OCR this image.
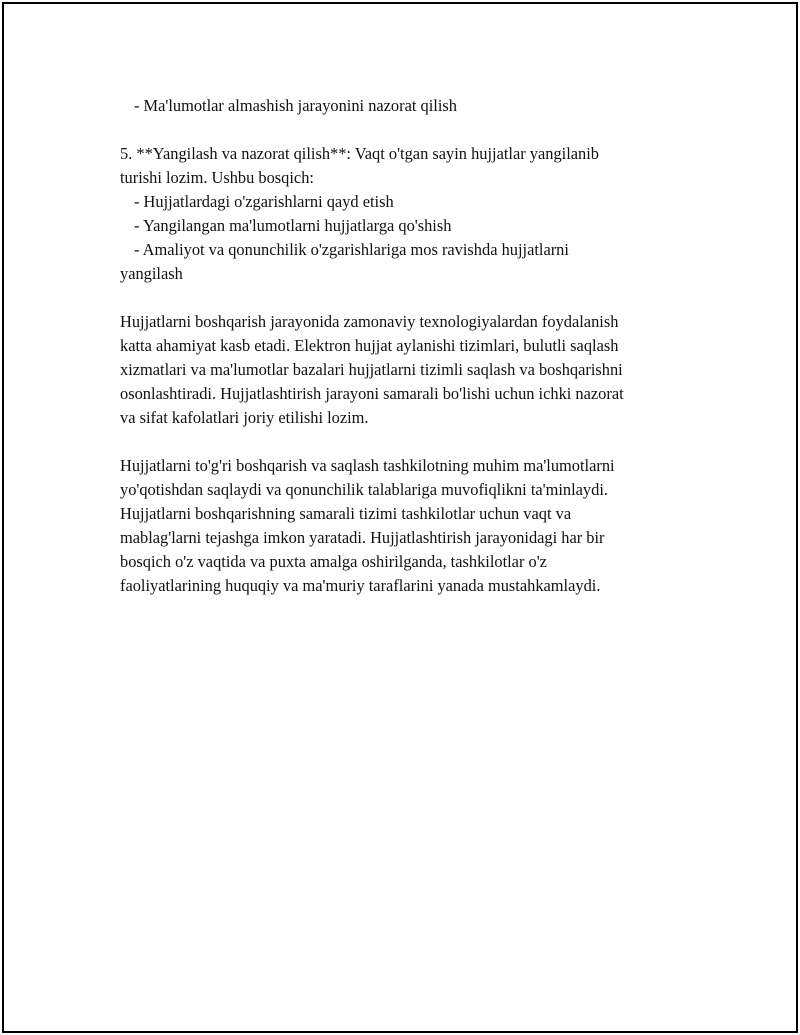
- Ma'lumotlar almashish jarayonini nazorat qilish

5. **Yangilash va nazorat qilish**: Vaqt o'tgan sayin hujjatlar yangilanib
turishi lozim. Ushbu bosqich:
- Hujjatlardagi o'zgarishlarni qayd etish
- Yangilangan ma'lumotlarni hujjatlarga qo'shish
- Amaliyot va qonunchilik o'zgarishlariga mos ravishda hujjatlarni
yangilash

Hujjatlarni boshqarish jarayonida zamonaviy texnologiyalardan foydalanish
katta ahamiyat kasb etadi. Elektron hujjat aylanishi tizimlari, bulutli saqlash
xizmatlari va ma'lumotlar bazalari hujjatlarni tizimli saqlash va boshqarishni
osonlashtiradi. Hujjatlashtirish jarayoni samarali bo'lishi uchun ichki nazorat
va sifat kafolatlari joriy etilishi lozim.

Hujjatlarni to'g'ri boshqarish va saqlash tashkilotning muhim ma'lumotlarni
yo'qotishdan saqlaydi va qonunchilik talablariga muvofiqlikni ta'minlaydi.
Hujjatlarni boshqarishning samarali tizimi tashkilotlar uchun vaqt va
mablag'larni tejashga imkon yaratadi. Hujjatlashtirish jarayonidagi har bir
bosqich o'z vaqtida va puxta amalga oshirilganda, tashkilotlar o'z
faoliyatlarining huquqiy va ma'muriy taraflarini yanada mustahkamlaydi.
